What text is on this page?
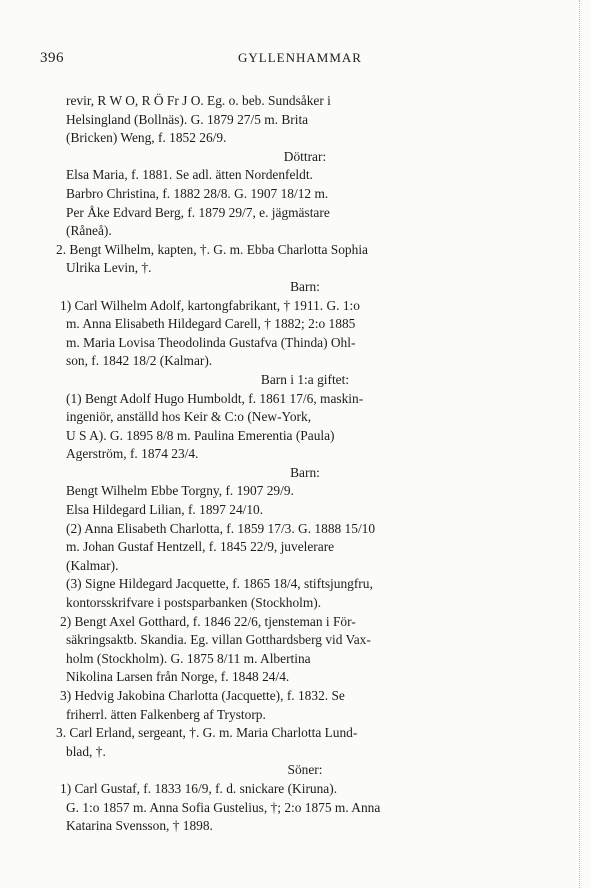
396	GYLLENHAMMAR
revir, R W O, R Ö Fr J O. Eg. o. beb. Sundsåker i
Helsingland (Bollnäs). G. 1879 27/5 m. Brita
(Bricken) Weng, f. 1852 26/9.
Döttrar:
Elsa Maria, f. 1881. Se adl. ätten Nordenfeldt.
Barbro Christina, f. 1882 28/8. G. 1907 18/12 m.
Per Åke Edvard Berg, f. 1879 29/7, e. jägmästare
(Råneå).
2. Bengt Wilhelm, kapten, †. G. m. Ebba Charlotta Sophia
Ulrika Levin, †.
Barn:
1) Carl Wilhelm Adolf, kartongfabrikant, † 1911. G. 1:o
m. Anna Elisabeth Hildegard Carell, † 1882; 2:o 1885
m. Maria Lovisa Theodolinda Gustafva (Thinda) Ohl-
son, f. 1842 18/2 (Kalmar).
Barn i 1:a giftet:
(1) Bengt Adolf Hugo Humboldt, f. 1861 17/6, maskin-
ingeniör, anställd hos Keir & C:o (New-York,
U S A). G. 1895 8/8 m. Paulina Emerentia (Paula)
Agerström, f. 1874 23/4.
Barn:
Bengt Wilhelm Ebbe Torgny, f. 1907 29/9.
Elsa Hildegard Lilian, f. 1897 24/10.
(2) Anna Elisabeth Charlotta, f. 1859 17/3. G. 1888 15/10
m. Johan Gustaf Hentzell, f. 1845 22/9, juvelerare
(Kalmar).
(3) Signe Hildegard Jacquette, f. 1865 18/4, stiftsjungfru,
kontorsskrifvare i postsparbanken (Stockholm).
2) Bengt Axel Gotthard, f. 1846 22/6, tjensteman i För-
säkringsaktb. Skandia. Eg. villan Gotthardsberg vid Vax-
holm (Stockholm). G. 1875 8/11 m. Albertina
Nikolina Larsen från Norge, f. 1848 24/4.
3) Hedvig Jakobina Charlotta (Jacquette), f. 1832. Se
friherrl. ätten Falkenberg af Trystorp.
3. Carl Erland, sergeant, †. G. m. Maria Charlotta Lund-
blad, †.
Söner:
1) Carl Gustaf, f. 1833 16/9, f. d. snickare (Kiruna).
G. 1:o 1857 m. Anna Sofia Gustelius, †; 2:o 1875 m. Anna
Katarina Svensson, † 1898.
